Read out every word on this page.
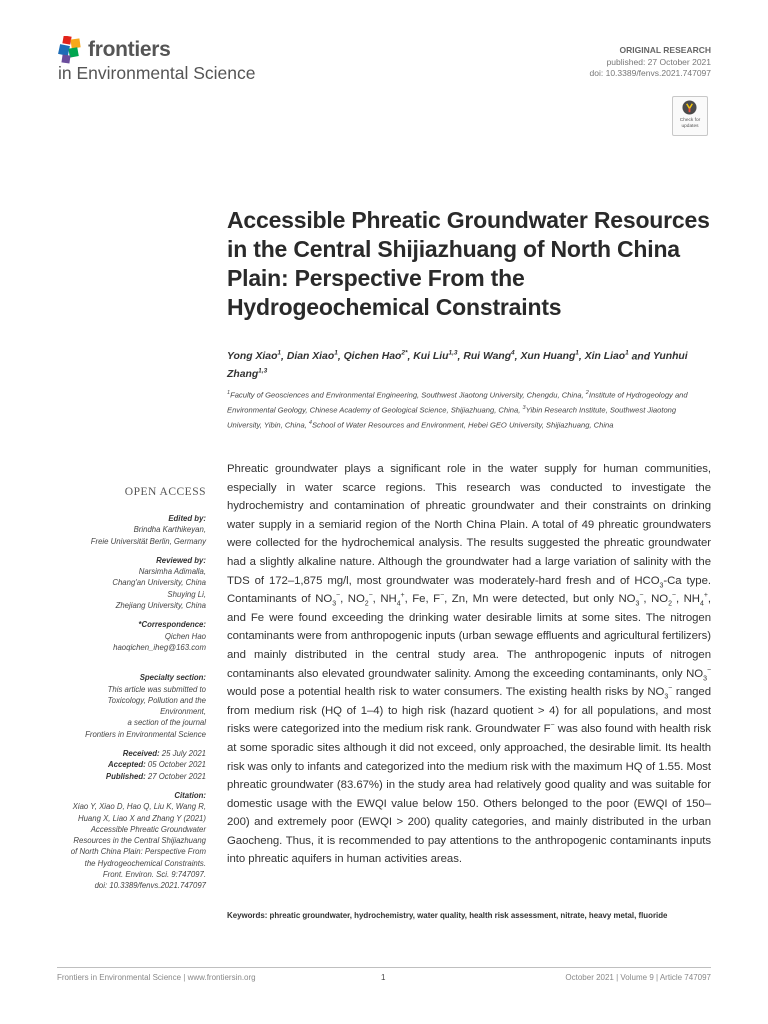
frontiers
in Environmental Science
ORIGINAL RESEARCH
published: 27 October 2021
doi: 10.3389/fenvs.2021.747097
Check for
updates
Accessible Phreatic Groundwater Resources in the Central Shijiazhuang of North China Plain: Perspective From the Hydrogeochemical Constraints
Yong Xiao$^1$, Dian Xiao$^1$, Qichen Hao$^{2*}$, Kui Liu$^{1,3}$, Rui Wang$^4$, Xun Huang$^1$, Xin Liao$^1$ and Yunhui Zhang$^{1,3}$
$^1$Faculty of Geosciences and Environmental Engineering, Southwest Jiaotong University, Chengdu, China, $^2$Institute of Hydrogeology and Environmental Geology, Chinese Academy of Geological Science, Shijiazhuang, China, $^3$Yibin Research Institute, Southwest Jiaotong University, Yibin, China, $^4$School of Water Resources and Environment, Hebei GEO University, Shijiazhuang, China
OPEN ACCESS
Edited by:
Brindha Karthikeyan,
Freie Universität Berlin, Germany
Reviewed by:
Narsimha Adimalla,
Chang'an University, China
Shuying Li,
Zhejiang University, China
*Correspondence:
Qichen Hao
haoqichen_iheg@163.com
Specialty section:
This article was submitted to
Toxicology, Pollution and the
Environment,
a section of the journal
Frontiers in Environmental Science
Received: 25 July 2021
Accepted: 05 October 2021
Published: 27 October 2021
Citation:
Xiao Y, Xiao D, Hao Q, Liu K, Wang R,
Huang X, Liao X and Zhang Y (2021)
Accessible Phreatic Groundwater
Resources in the Central Shijiazhuang
of North China Plain: Perspective From
the Hydrogeochemical Constraints.
Front. Environ. Sci. 9:747097.
doi: 10.3389/fenvs.2021.747097

Phreatic groundwater plays a significant role in the water supply for human communities, especially in water scarce regions. This research was conducted to investigate the hydrochemistry and contamination of phreatic groundwater and their constraints on drinking water supply in a semiarid region of the North China Plain. A total of 49 phreatic groundwaters were collected for the hydrochemical analysis. The results suggested the phreatic groundwater had a slightly alkaline nature. Although the groundwater had a large variation of salinity with the TDS of 172–1,875 mg/l, most groundwater was moderately-hard fresh and of $HCO_3-Ca$ type. Contaminants of $NO_3^-$, $NO_2^-$, $NH_4^+$, Fe, F−, Zn, Mn were detected, but only $NO_3^-$, $NO_2^-$, $NH_4^+$, and Fe were found exceeding the drinking water desirable limits at some sites. The nitrogen contaminants were from anthropogenic inputs (urban sewage effluents and agricultural fertilizers) and mainly distributed in the central study area. The anthropogenic inputs of nitrogen contaminants also elevated groundwater salinity. Among the exceeding contaminants, only $NO_3^-$ would pose a potential health risk to water consumers. The existing health risks by $NO_3^-$ ranged from medium risk (HQ of 1–4) to high risk (hazard quotient > 4) for all populations, and most risks were categorized into the medium risk rank. Groundwater F− was also found with health risk at some sporadic sites although it did not exceed, only approached, the desirable limit. Its health risk was only to infants and categorized into the medium risk with the maximum HQ of 1.55. Most phreatic groundwater (83.67%) in the study area had relatively good quality and was suitable for domestic usage with the EWQI value below 150. Others belonged to the poor (EWQI of 150–200) and extremely poor (EWQI > 200) quality categories, and mainly distributed in the urban Gaocheng. Thus, it is recommended to pay attentions to the anthropogenic contaminants inputs into phreatic aquifers in human activities areas.

Keywords: phreatic groundwater, hydrochemistry, water quality, health risk assessment, nitrate, heavy metal, fluoride
Frontiers in Environmental Science | www.frontiersin.org	1	October 2021 | Volume 9 | Article 747097
